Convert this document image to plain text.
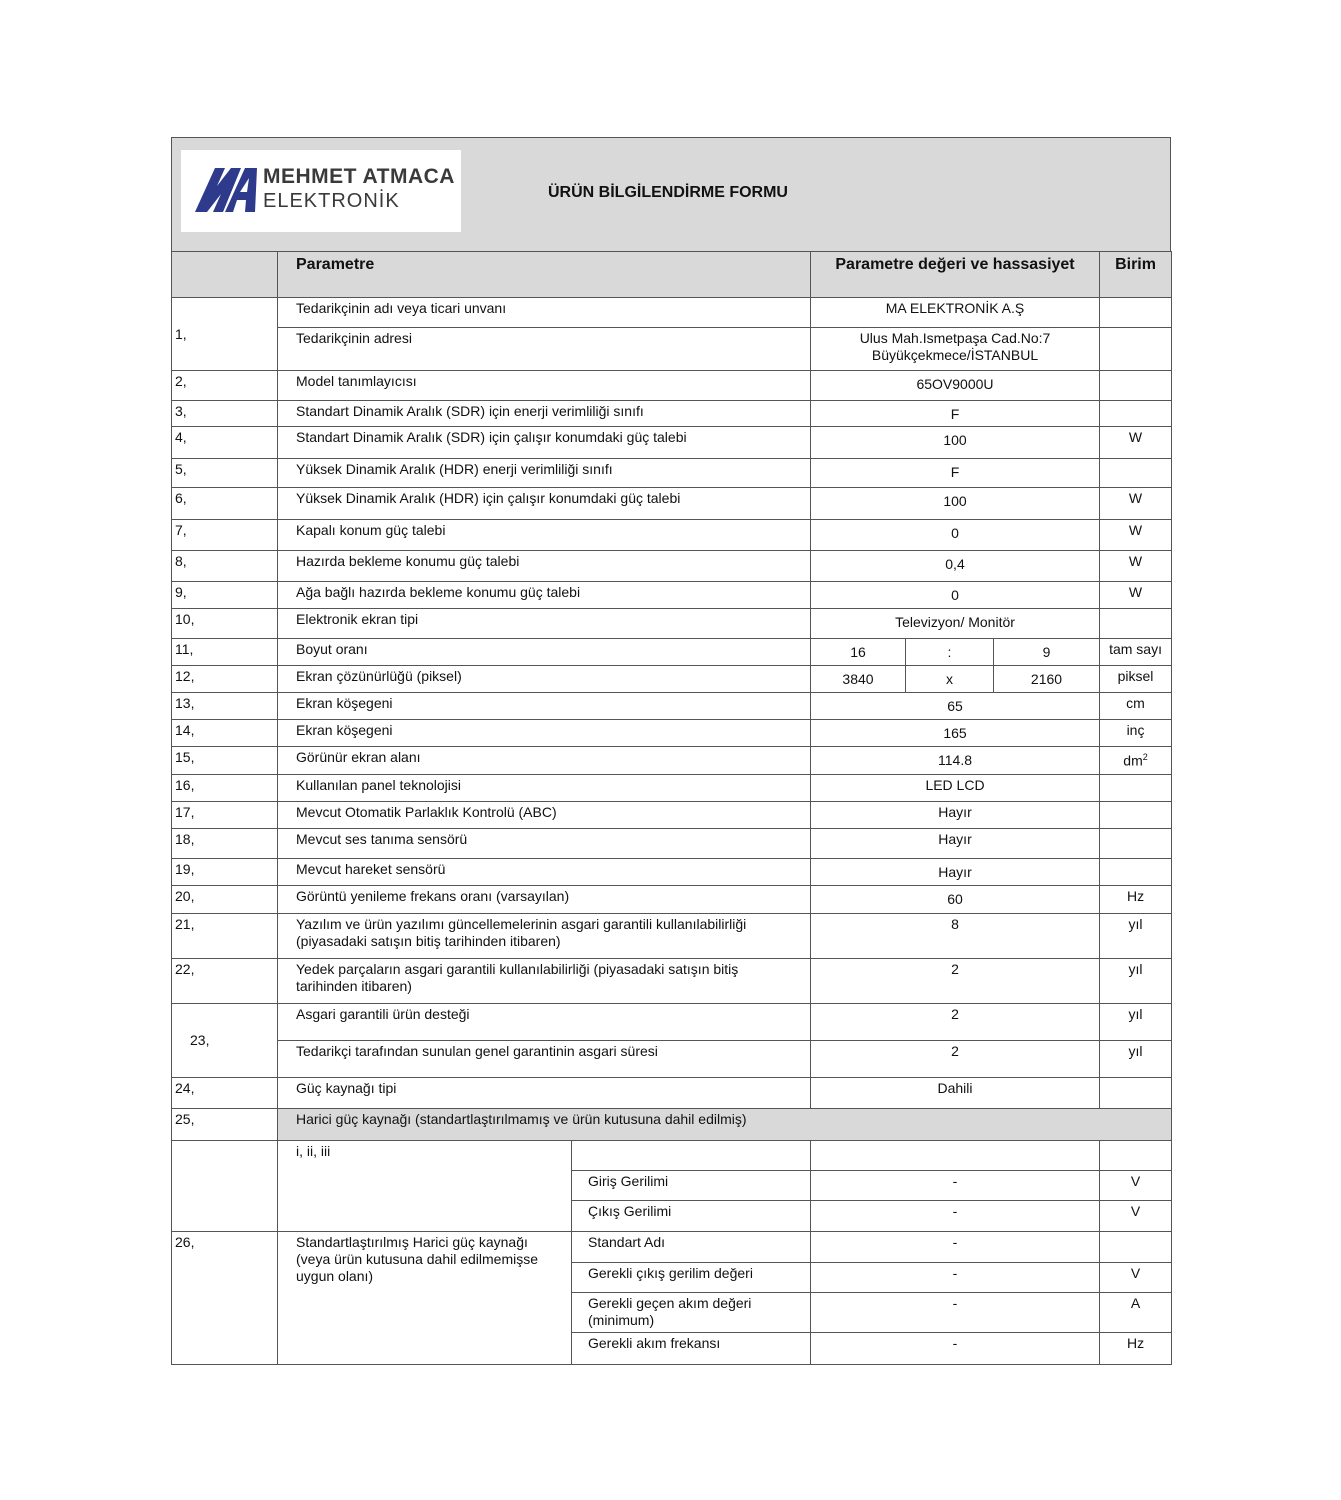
MEHMET ATMACA
ELEKTRONİK	ÜRÜN BİLGİLENDİRME FORMU
	Parametre		Parametre değeri ve hassasiyet			Birim
1,	Tedarikçinin adı veya ticari unvanı		MA ELEKTRONİK A.Ş			
	Tedarikçinin adresi		Ulus Mah.Ismetpaşa Cad.No:7
Büyükçekmece/İSTANBUL			

2,	Model tanımlayıcısı		65OV9000U			
3,	Standart Dinamik Aralık (SDR) için enerji verimliliği sınıfı		F			
4,	Standart Dinamik Aralık (SDR) için çalışır konumdaki güç talebi		100			W
5,	Yüksek Dinamik Aralık (HDR) enerji verimliliği sınıfı		F			
6,	Yüksek Dinamik Aralık (HDR) için çalışır konumdaki güç talebi		100			W
7,	Kapalı konum güç talebi		0			W
8,	Hazırda bekleme konumu güç talebi		0,4			W
9,	Ağa bağlı hazırda bekleme konumu güç talebi		0			W
10,	Elektronik ekran tipi		Televizyon/ Monitör			
11,	Boyut oranı		16	:	9	tam sayı
12,	Ekran çözünürlüğü (piksel)		3840	x	2160	piksel
13,	Ekran köşegeni		65			cm
14,	Ekran köşegeni		165			inç
15,	Görünür ekran alanı		114.8			$dm^2$
16,	Kullanılan panel teknolojisi		LED LCD			
17,	Mevcut Otomatik Parlaklık Kontrolü (ABC)		Hayır			
18,	Mevcut ses tanıma sensörü		Hayır			
19,	Mevcut hareket sensörü		Hayır			
20,	Görüntü yenileme frekans oranı (varsayılan)		60			Hz
21,	Yazılım ve ürün yazılımı güncellemelerinin asgari garantili kullanılabilirliği
(piyasadaki satışın bitiş tarihinden itibaren)		8			yıl
22,	Yedek parçaların asgari garantili kullanılabilirliği (piyasadaki satışın bitiş
tarihinden itibaren)		2			yıl
23,	Asgari garantili ürün desteği		2			yıl
	Tedarikçi tarafından sunulan genel garantinin asgari süresi		2			yıl
24,	Güç kaynağı tipi		Dahili			
25,	Harici güç kaynağı (standartlaştırılmamış ve ürün kutusuna dahil edilmiş)					
	i, ii, iii					
		Giriş Gerilimi	-			V
		Çıkış Gerilimi	-			V
26,	Standartlaştırılmış Harici güç kaynağı
(veya ürün kutusuna dahil edilmemişse
uygun olanı)	Standart Adı	-			
		Gerekli çıkış gerilim değeri	-			V

		Gerekli geçen akım değeri
(minimum)	-			A
		Gerekli akım frekansı	-			Hz
